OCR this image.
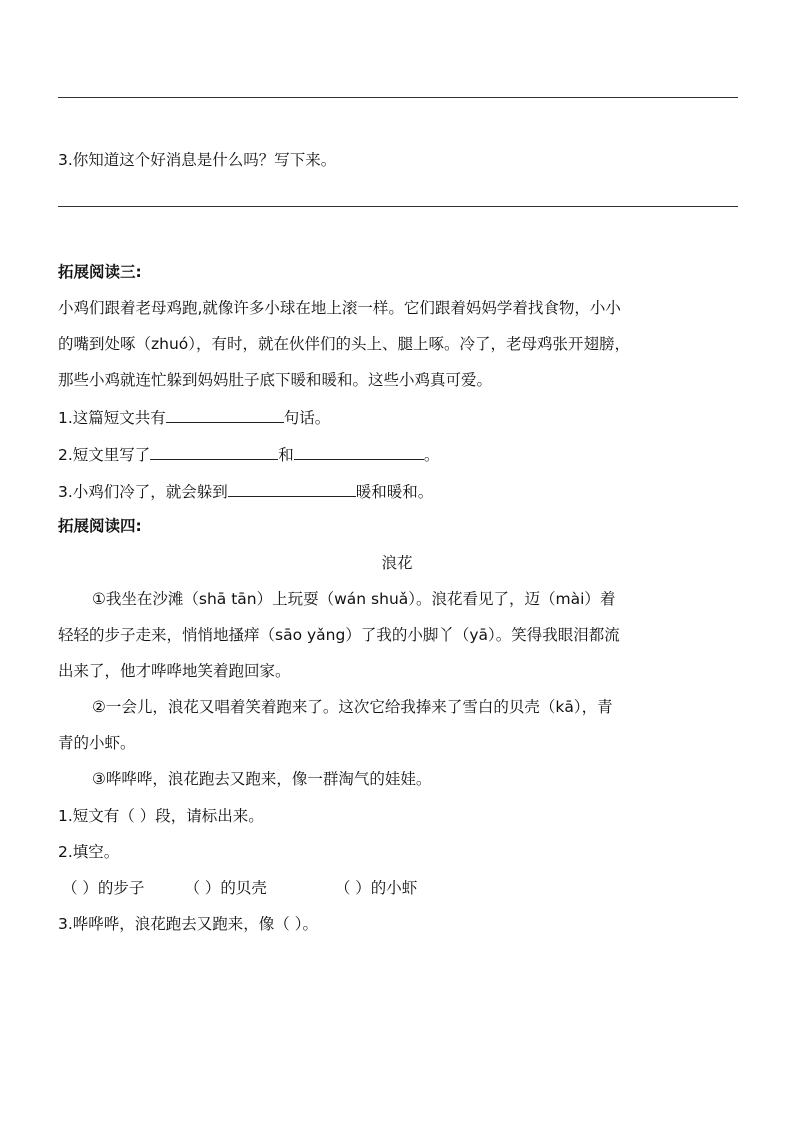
3.你知道这个好消息是什么吗？写下来。
拓展阅读三:
小鸡们跟着老母鸡跑,就像许多小球在地上滚一样。它们跟着妈妈学着找食物，小小
的嘴到处啄（zhuó），有时，就在伙伴们的头上、腿上啄。冷了，老母鸡张开翅膀，
那些小鸡就连忙躲到妈妈肚子底下暖和暖和。这些小鸡真可爱。
1.这篇短文共有	句话。
2.短文里写了	和	。
3.小鸡们冷了，就会躲到	暖和暖和。
拓展阅读四:
浪花
①我坐在沙滩（shā tān）上玩耍（wán shuǎ）。浪花看见了，迈（mài）着
轻轻的步子走来，悄悄地搔痒（sāo yǎng）了我的小脚丫（yā）。笑得我眼泪都流
出来了，他才哗哗地笑着跑回家。
②一会儿，浪花又唱着笑着跑来了。这次它给我捧来了雪白的贝壳（kā），青
青的小虾。
③哗哗哗，浪花跑去又跑来，像一群淘气的娃娃。
1.短文有（ ）段，请标出来。
2.填空。
（ ）的步子	（ ）的贝壳	（ ）的小虾
3.哗哗哗，浪花跑去又跑来，像（ ）。
